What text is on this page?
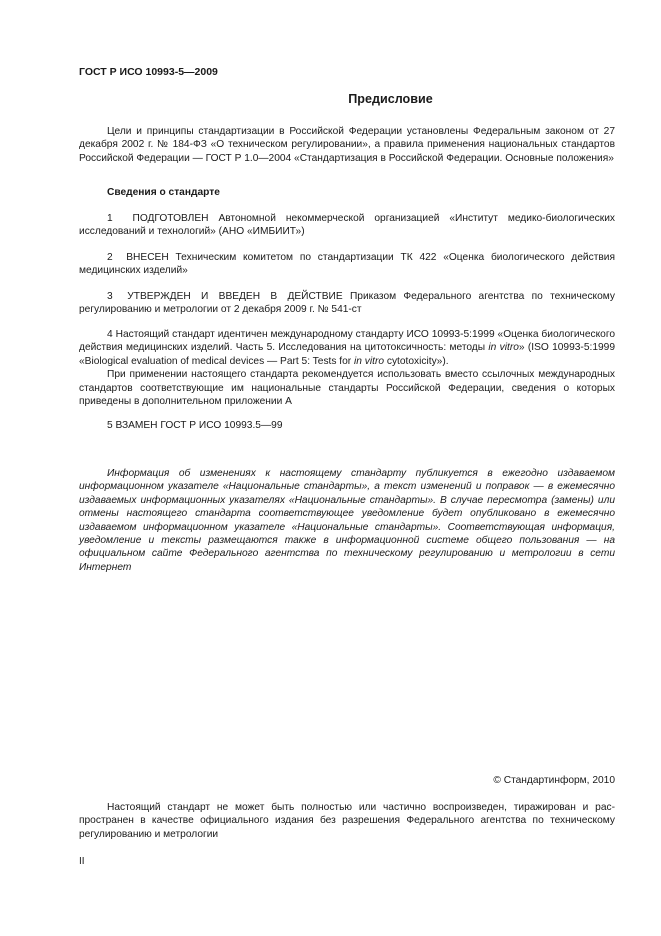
ГОСТ Р ИСО 10993-5—2009
Предисловие

Цели и принципы стандартизации в Российской Федерации установлены Федеральным законом от 27 декабря 2002 г. № 184-ФЗ «О техническом регулировании», а правила применения национальных стандартов Российской Федерации — ГОСТ Р 1.0—2004 «Стандартизация в Российской Федерации. Основные положения»

Сведения о стандарте

1 ПОДГОТОВЛЕН Автономной некоммерческой организацией «Институт медико-биологических исследований и технологий» (АНО «ИМБИИТ»)

2 ВНЕСЕН Техническим комитетом по стандартизации ТК 422 «Оценка биологического действия медицинских изделий»

3 УТВЕРЖДЕН И ВВЕДЕН В ДЕЙСТВИЕ Приказом Федерального агентства по техническому регулированию и метрологии от 2 декабря 2009 г. № 541-ст

4 Настоящий стандарт идентичен международному стандарту ИСО 10993-5:1999 «Оценка биологического действия медицинских изделий. Часть 5. Исследования на цитотоксичность: методы in vitro» (ISO 10993-5:1999 «Biological evaluation of medical devices — Part 5: Tests for in vitro cytotoxicity»).

При применении настоящего стандарта рекомендуется использовать вместо ссылочных международных стандартов соответствующие им национальные стандарты Российской Федерации, сведения о которых приведены в дополнительном приложении А

5 ВЗАМЕН ГОСТ Р ИСО 10993.5—99

Информация об изменениях к настоящему стандарту публикуется в ежегодно издаваемом информационном указателе «Национальные стандарты», а текст изменений и поправок — в ежемесячно издаваемых информационных указателях «Национальные стандарты». В случае пересмотра (замены) или отмены настоящего стандарта соответствующее уведомление будет опубликовано в ежемесячно издаваемом информационном указателе «Национальные стандарты». Соответствующая информация, уведомление и тексты размещаются также в информационной системе общего пользования — на официальном сайте Федерального агентства по техническому регулированию и метрологии в сети Интернет

© Стандартинформ, 2010

Настоящий стандарт не может быть полностью или частично воспроизведен, тиражирован и распространен в качестве официального издания без разрешения Федерального агентства по техническому регулированию и метрологии

II
